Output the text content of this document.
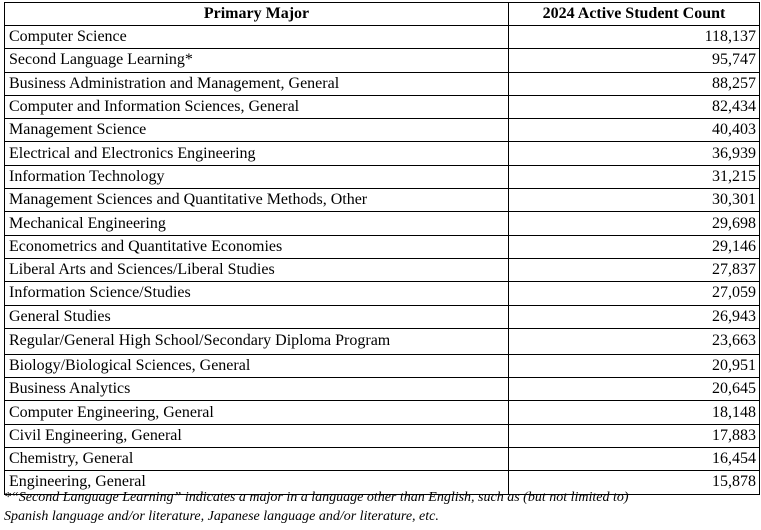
Primary Major	2024 Active Student Count
Computer Science	118,137
Second Language Learning*	95,747
Business Administration and Management, General	88,257
Computer and Information Sciences, General	82,434
Management Science	40,403
Electrical and Electronics Engineering	36,939
Information Technology	31,215
Management Sciences and Quantitative Methods, Other	30,301
Mechanical Engineering	29,698
Econometrics and Quantitative Economies	29,146
Liberal Arts and Sciences/Liberal Studies	27,837
Information Science/Studies	27,059
General Studies	26,943
Regular/General High School/Secondary Diploma Program	23,663
Biology/Biological Sciences, General	20,951
Business Analytics	20,645
Computer Engineering, General	18,148
Civil Engineering, General	17,883
Chemistry, General	16,454
Engineering, General	15,878
*“Second Language Learning” indicates a major in a language other than English, such as (but not limited to)
Spanish language and/or literature, Japanese language and/or literature, etc.
